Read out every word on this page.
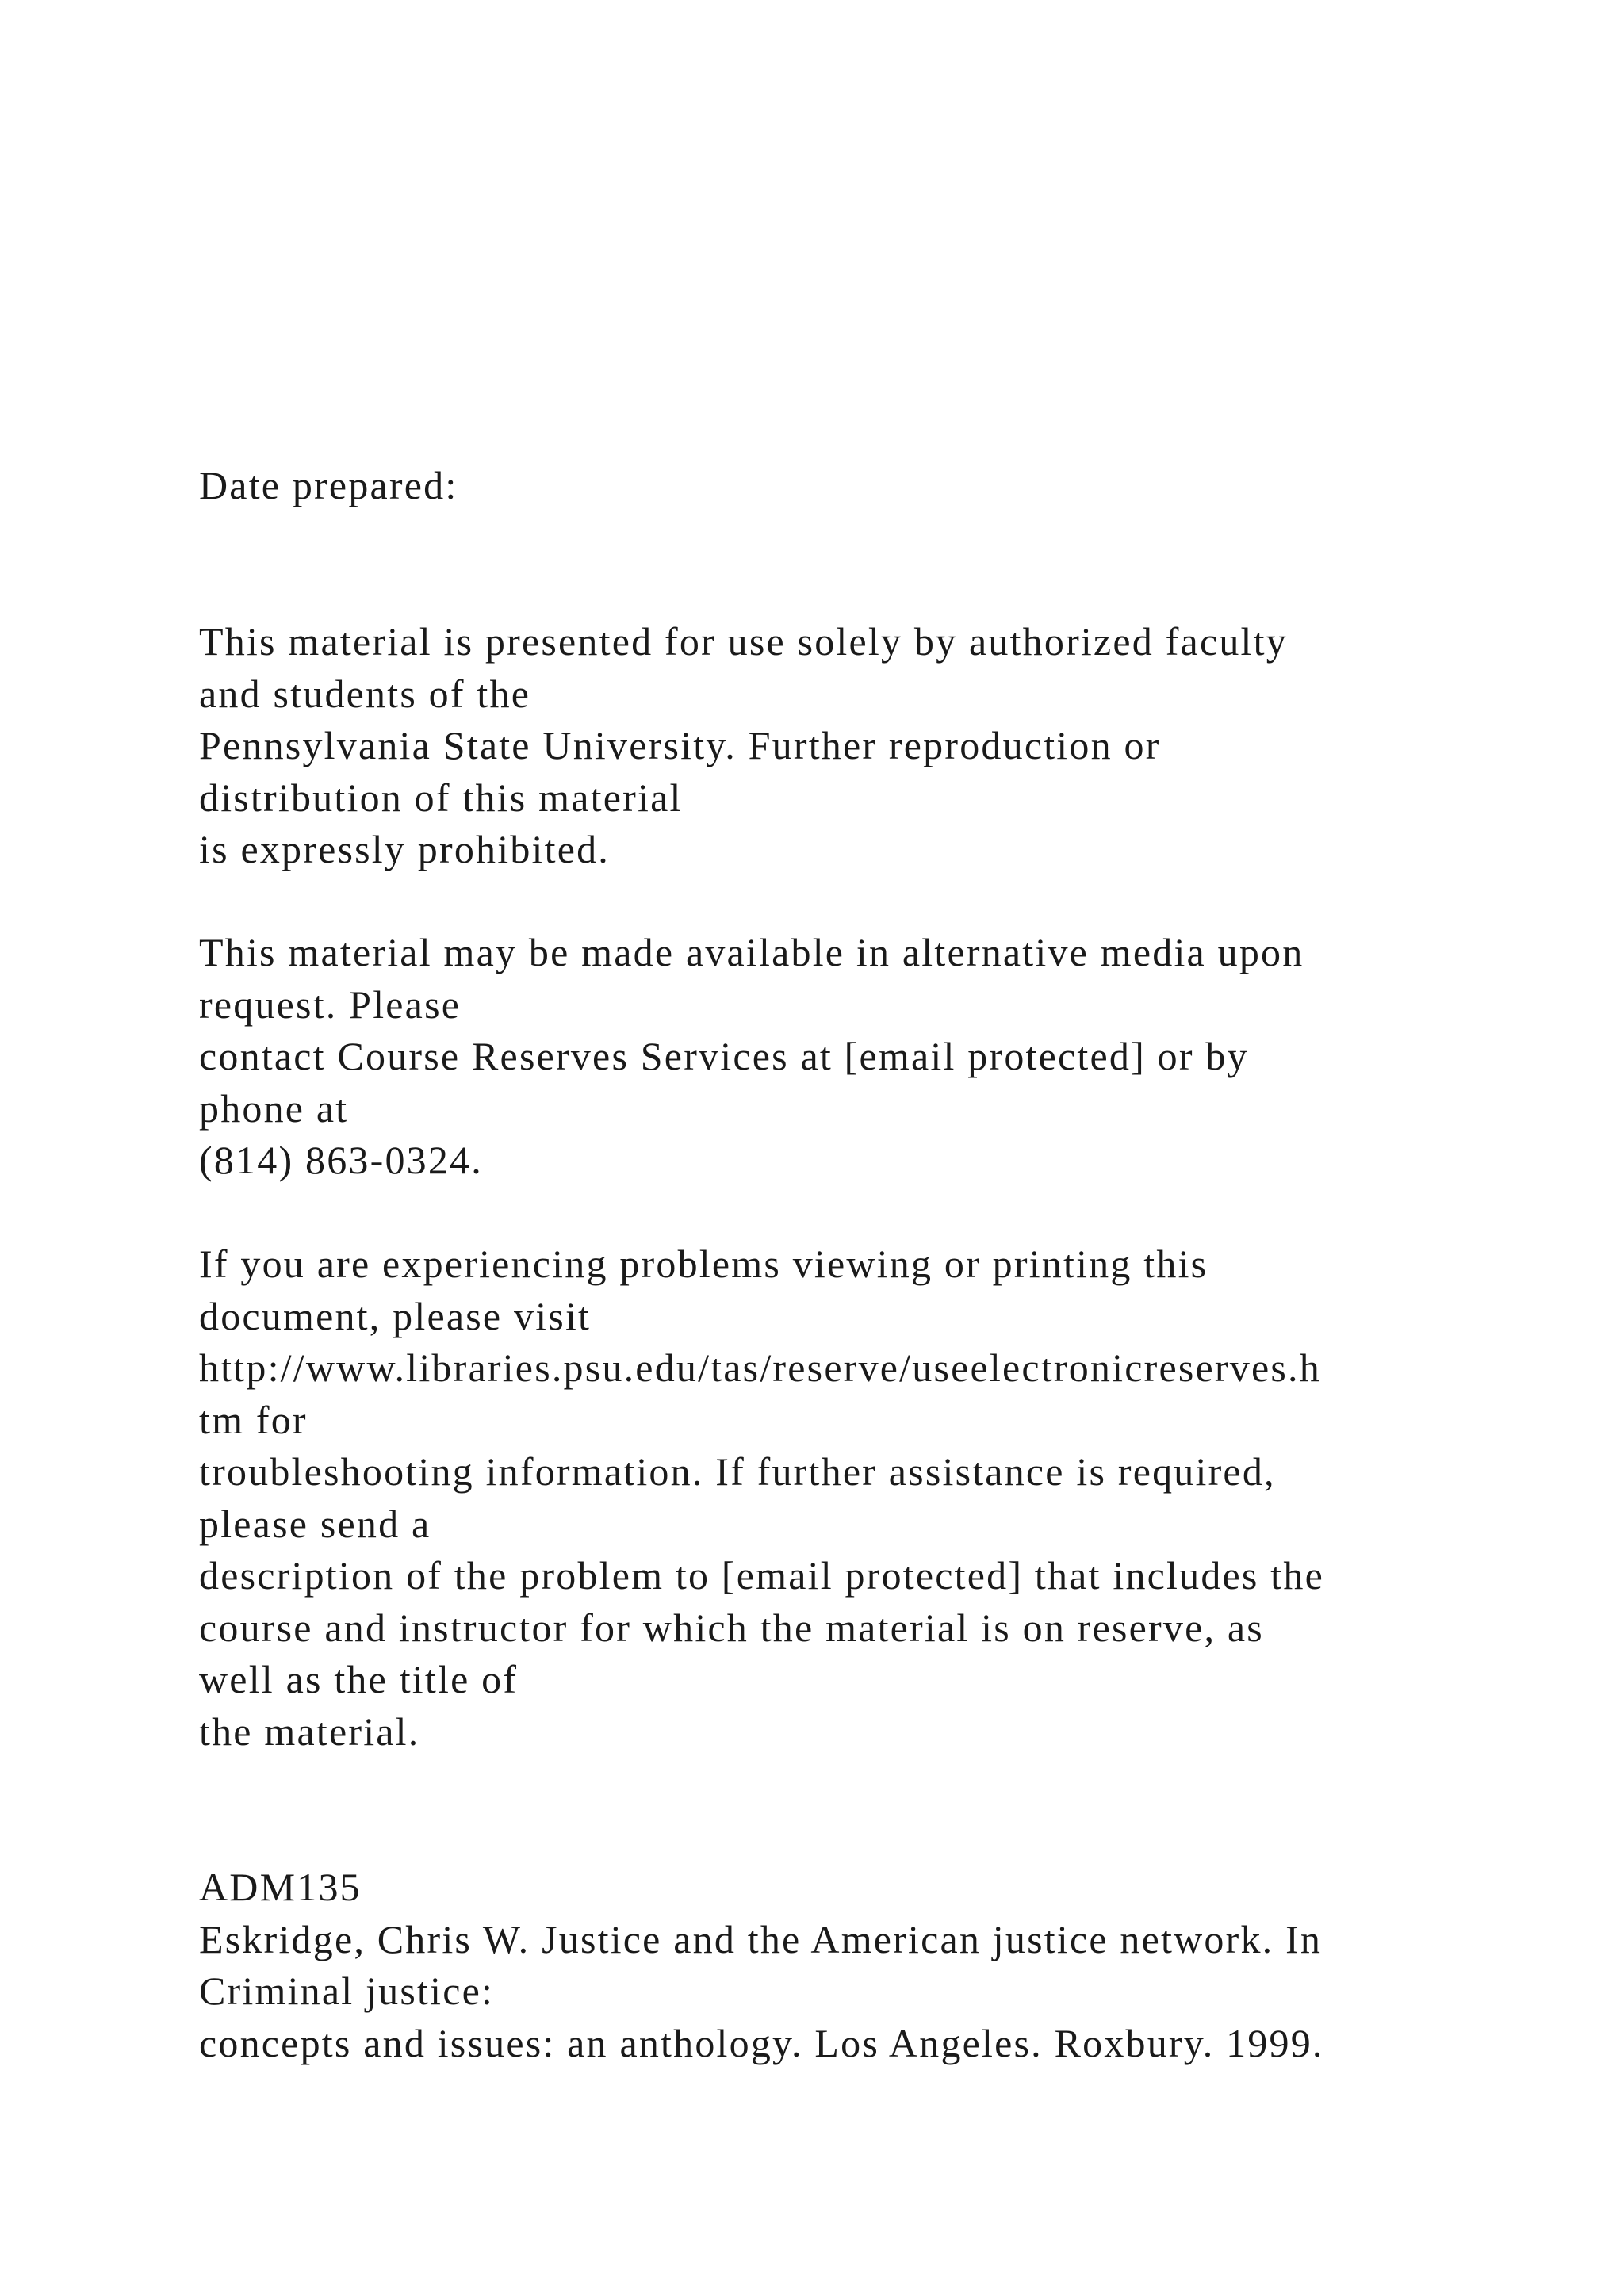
Date prepared:

This material is presented for use solely by authorized faculty
and students of the
Pennsylvania State University. Further reproduction or
distribution of this material
is expressly prohibited.

This material may be made available in alternative media upon
request. Please
contact Course Reserves Services at [email protected] or by
phone at
(814) 863-0324.

If you are experiencing problems viewing or printing this
document, please visit
http://www.libraries.psu.edu/tas/reserve/useelectronicreserves.h
tm for
troubleshooting information. If further assistance is required,
please send a
description of the problem to [email protected] that includes the
course and instructor for which the material is on reserve, as
well as the title of
the material.

ADM135
Eskridge, Chris W. Justice and the American justice network. In
Criminal justice:
concepts and issues: an anthology. Los Angeles. Roxbury. 1999.
